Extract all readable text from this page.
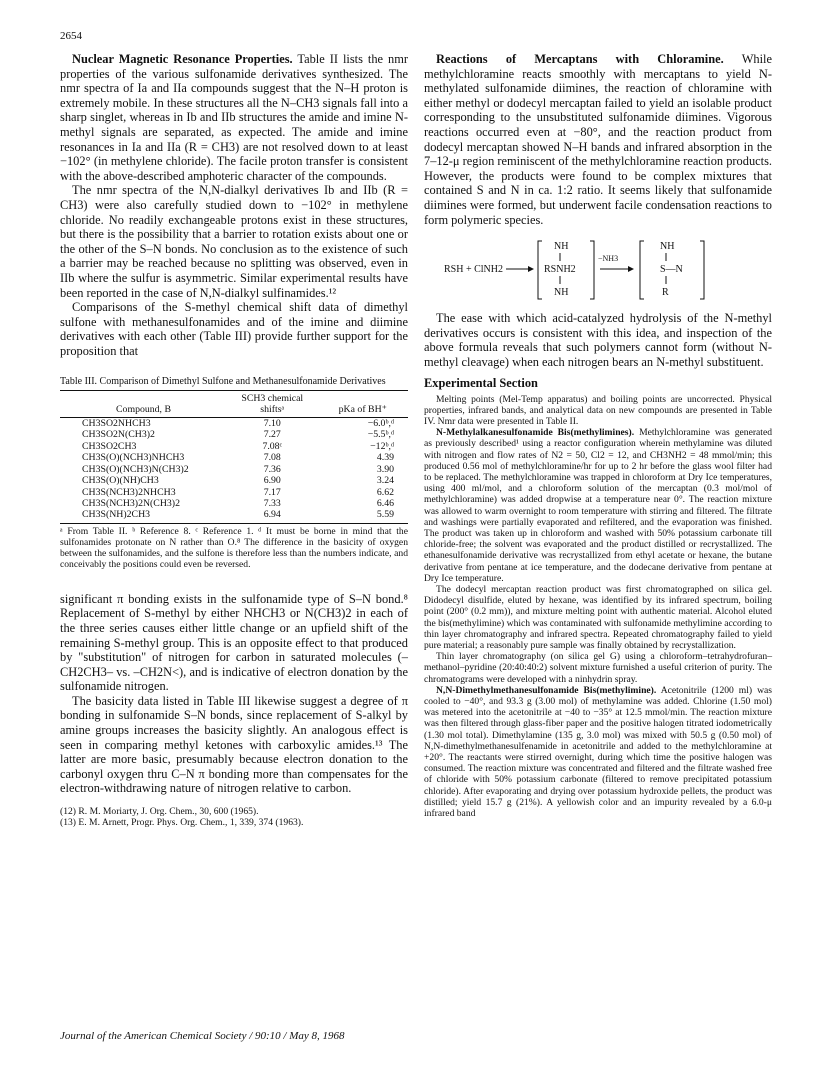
2654

Nuclear Magnetic Resonance Properties. Table II lists the nmr properties of the various sulfonamide derivatives synthesized. The nmr spectra of Ia and IIa compounds suggest that the N–H proton is extremely mobile. In these structures all the N–CH3 signals fall into a sharp singlet, whereas in Ib and IIb structures the amide and imine N-methyl signals are separated, as expected. The amide and imine resonances in Ia and IIa (R = CH3) are not resolved down to at least −102° (in methylene chloride). The facile proton transfer is consistent with the above-described amphoteric character of the compounds.

The nmr spectra of the N,N-dialkyl derivatives Ib and IIb (R = CH3) were also carefully studied down to −102° in methylene chloride. No readily exchangeable protons exist in these structures, but there is the possibility that a barrier to rotation exists about one or the other of the S–N bonds. No conclusion as to the existence of such a barrier may be reached because no splitting was observed, even in IIb where the sulfur is asymmetric. Similar experimental results have been reported in the case of N,N-dialkyl sulfinamides.¹²

Comparisons of the S-methyl chemical shift data of dimethyl sulfone with methanesulfonamides and of the imine and diimine derivatives with each other (Table III) provide further support for the proposition that

Table III. Comparison of Dimethyl Sulfone and Methanesulfonamide Derivatives
Compound, B	SCH3 chemical shiftsᵃ	pKa of BH⁺
CH3SO2NHCH3	7.10	−6.0ᵇ,ᵈ
CH3SO2N(CH3)2	7.27	−5.5ᵇ,ᵈ
CH3SO2CH3	7.08ᶜ	−12ᵇ,ᵈ
CH3S(O)(NCH3)NHCH3	7.08	4.39
CH3S(O)(NCH3)N(CH3)2	7.36	3.90
CH3S(O)(NH)CH3	6.90	3.24
CH3S(NCH3)2NHCH3	7.17	6.62
CH3S(NCH3)2N(CH3)2	7.33	6.46
CH3S(NH)2CH3	6.94	5.59
ᵃ From Table II. ᵇ Reference 8. ᶜ Reference 1. ᵈ It must be borne in mind that the sulfonamides protonate on N rather than O.⁸ The difference in the basicity of oxygen between the sulfonamides, and the sulfone is therefore less than the numbers indicate, and conceivably the positions could even be reversed.

significant π bonding exists in the sulfonamide type of S–N bond.⁸ Replacement of S-methyl by either NHCH3 or N(CH3)2 in each of the three series causes either little change or an upfield shift of the remaining S-methyl group. This is an opposite effect to that produced by "substitution" of nitrogen for carbon in saturated molecules (–CH2CH3– vs. –CH2N<), and is indicative of electron donation by the sulfonamide nitrogen.

The basicity data listed in Table III likewise suggest a degree of π bonding in sulfonamide S–N bonds, since replacement of S-alkyl by amine groups increases the basicity slightly. An analogous effect is seen in comparing methyl ketones with carboxylic amides.¹³ The latter are more basic, presumably because electron donation to the carbonyl oxygen thru C–N π bonding more than compensates for the electron-withdrawing nature of nitrogen relative to carbon.

(12) R. M. Moriarty, J. Org. Chem., 30, 600 (1965).
(13) E. M. Arnett, Progr. Phys. Org. Chem., 1, 339, 374 (1963).

Reactions of Mercaptans with Chloramine. While methylchloramine reacts smoothly with mercaptans to yield N-methylated sulfonamide diimines, the reaction of chloramine with either methyl or dodecyl mercaptan failed to yield an isolable product corresponding to the unsubstituted sulfonamide diimines. Vigorous reactions occurred even at −80°, and the reaction product from dodecyl mercaptan showed N–H bands and infrared absorption in the 7–12-μ region reminiscent of the methylchloramine reaction products. However, the products were found to be complex mixtures that contained S and N in ca. 1:2 ratio. It seems likely that sulfonamide diimines were formed, but underwent facile condensation reactions to form polymeric species.

RSH + ClNH2
NH
RSNH2
NH
−NH3
NH
S—N
R

The ease with which acid-catalyzed hydrolysis of the N-methyl derivatives occurs is consistent with this idea, and inspection of the above formula reveals that such polymers cannot form (without N-methyl cleavage) when each nitrogen bears an N-methyl substituent.

Experimental Section

Melting points (Mel-Temp apparatus) and boiling points are uncorrected. Physical properties, infrared bands, and analytical data on new compounds are presented in Table IV. Nmr data were presented in Table II.

N-Methylalkanesulfonamide Bis(methylimines). Methylchloramine was generated as previously described¹ using a reactor configuration wherein methylamine was diluted with nitrogen and flow rates of N2 = 50, Cl2 = 12, and CH3NH2 = 48 mmol/min; this produced 0.56 mol of methylchloramine/hr for up to 2 hr before the glass wool filter had to be replaced. The methylchloramine was trapped in chloroform at Dry Ice temperatures, using 400 ml/mol, and a chloroform solution of the mercaptan (0.3 mol/mol of methylchloramine) was added dropwise at a temperature near 0°. The reaction mixture was allowed to warm overnight to room temperature with stirring and filtered. The filtrate and washings were partially evaporated and refiltered, and the evaporation was finished. The product was taken up in chloroform and washed with 50% potassium carbonate till chloride-free; the solvent was evaporated and the product distilled or recrystallized. The ethanesulfonamide derivative was recrystallized from ethyl acetate or hexane, the butane derivative from pentane at ice temperature, and the dodecane derivative from pentane at Dry Ice temperature.

The dodecyl mercaptan reaction product was first chromatographed on silica gel. Didodecyl disulfide, eluted by hexane, was identified by its infrared spectrum, boiling point (200° (0.2 mm)), and mixture melting point with authentic material. Alcohol eluted the bis(methylimine) which was contaminated with sulfonamide methylimine according to thin layer chromatography and infrared spectra. Repeated chromatography failed to yield pure material; a reasonably pure sample was finally obtained by recrystallization.

Thin layer chromatography (on silica gel G) using a chloroform–tetrahydrofuran–methanol–pyridine (20:40:40:2) solvent mixture furnished a useful criterion of purity. The chromatograms were developed with a ninhydrin spray.

N,N-Dimethylmethanesulfonamide Bis(methylimine). Acetonitrile (1200 ml) was cooled to −40°, and 93.3 g (3.00 mol) of methylamine was added. Chlorine (1.50 mol) was metered into the acetonitrile at −40 to −35° at 12.5 mmol/min. The reaction mixture was then filtered through glass-fiber paper and the positive halogen titrated iodometrically (1.30 mol total). Dimethylamine (135 g, 3.0 mol) was mixed with 50.5 g (0.50 mol) of N,N-dimethylmethanesulfenamide in acetonitrile and added to the methylchloramine at +20°. The reactants were stirred overnight, during which time the positive halogen was consumed. The reaction mixture was concentrated and filtered and the filtrate washed free of chloride with 50% potassium carbonate (filtered to remove precipitated potassium chloride). After evaporating and drying over potassium hydroxide pellets, the product was distilled; yield 15.7 g (21%). A yellowish color and an impurity revealed by a 6.0-μ infrared band

Journal of the American Chemical Society / 90:10 / May 8, 1968
